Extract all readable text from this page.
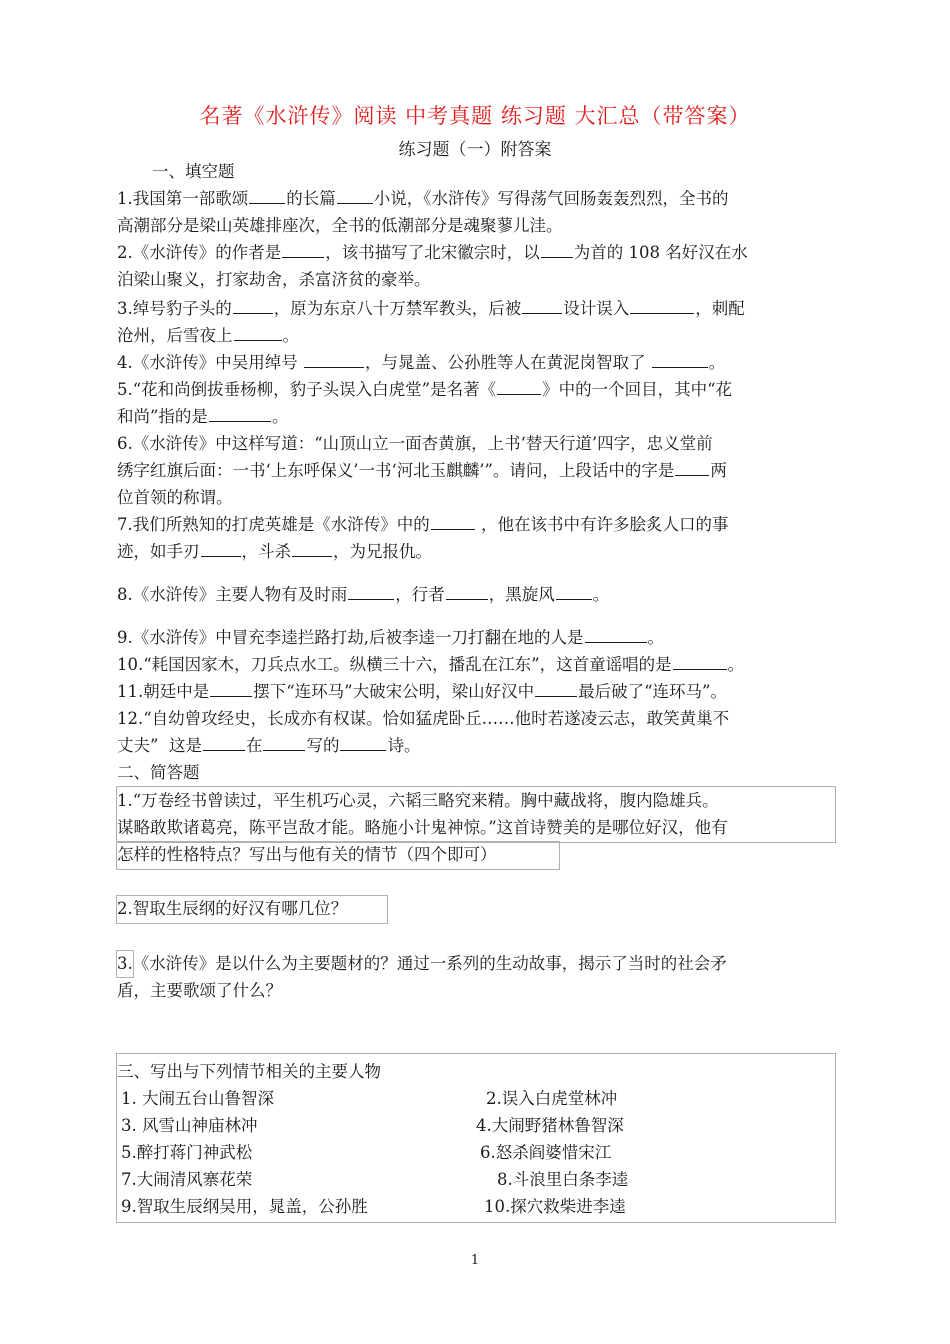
名著《水浒传》阅读 中考真题 练习题 大汇总（带答案）
练习题（一）附答案
一、填空题
1.我国第一部歌颂 的长篇 小说，《水浒传》写得荡气回肠轰轰烈烈，全书的
高潮部分是梁山英雄排座次，全书的低潮部分是魂聚蓼儿洼。
2.《水浒传》的作者是	，该书描写了北宋徽宗时，以 为首的 108 名好汉在水
泊梁山聚义，打家劫舍，杀富济贫的豪举。
3.绰号豹子头的	，原为东京八十万禁军教头，后被	设计误入	，刺配
沧州，后雪夜上	。
4.《水浒传》中吴用绰号	，与晁盖、公孙胜等人在黄泥岗智取了	。
5.“花和尚倒拔垂杨柳，豹子头误入白虎堂”是名著《	》中的一个回目，其中“花
和尚”指的是	。
6.《水浒传》中这样写道：“山顶山立一面杏黄旗，上书‘替天行道’四字，忠义堂前
绣字红旗后面：一书‘上东呼保义’一书‘河北玉麒麟’”。请问，上段话中的字是 两
位首领的称谓。
7.我们所熟知的打虎英雄是《水浒传》中的	，他在该书中有许多脍炙人口的事
迹，如手刃	，斗杀	，为兄报仇。
8.《水浒传》主要人物有及时雨	，行者	，黑旋风 。
9.《水浒传》中冒充李逵拦路打劫,后被李逵一刀打翻在地的人是	。
10.“耗国因家木，刀兵点水工。纵横三十六，播乱在江东”，这首童谣唱的是	。
11.朝廷中是	摆下“连环马”大破宋公明，梁山好汉中	最后破了“连环马”。
12.“自幼曾攻经史，长成亦有权谋。恰如猛虎卧丘……他时若遂凌云志，敢笑黄巢不
丈夫” 这是	在	写的	诗。
二、简答题
1.“万卷经书曾读过，平生机巧心灵，六韬三略究来精。胸中藏战将，腹内隐雄兵。
谋略敢欺诸葛亮，陈平岂敌才能。略施小计鬼神惊。”这首诗赞美的是哪位好汉，他有
怎样的性格特点？写出与他有关的情节（四个即可）
2.智取生辰纲的好汉有哪几位？
3.《水浒传》是以什么为主要题材的？通过一系列的生动故事，揭示了当时的社会矛
盾，主要歌颂了什么？
三、写出与下列情节相关的主要人物
1. 大闹五台山鲁智深	2.误入白虎堂林冲
3. 风雪山神庙林冲	4.大闹野猪林鲁智深
5.醉打蒋门神武松	6.怒杀阎婆惜宋江
7.大闹清风寨花荣	8.斗浪里白条李逵
9.智取生辰纲吴用，晁盖，公孙胜	10.探穴救柴进李逵
1
